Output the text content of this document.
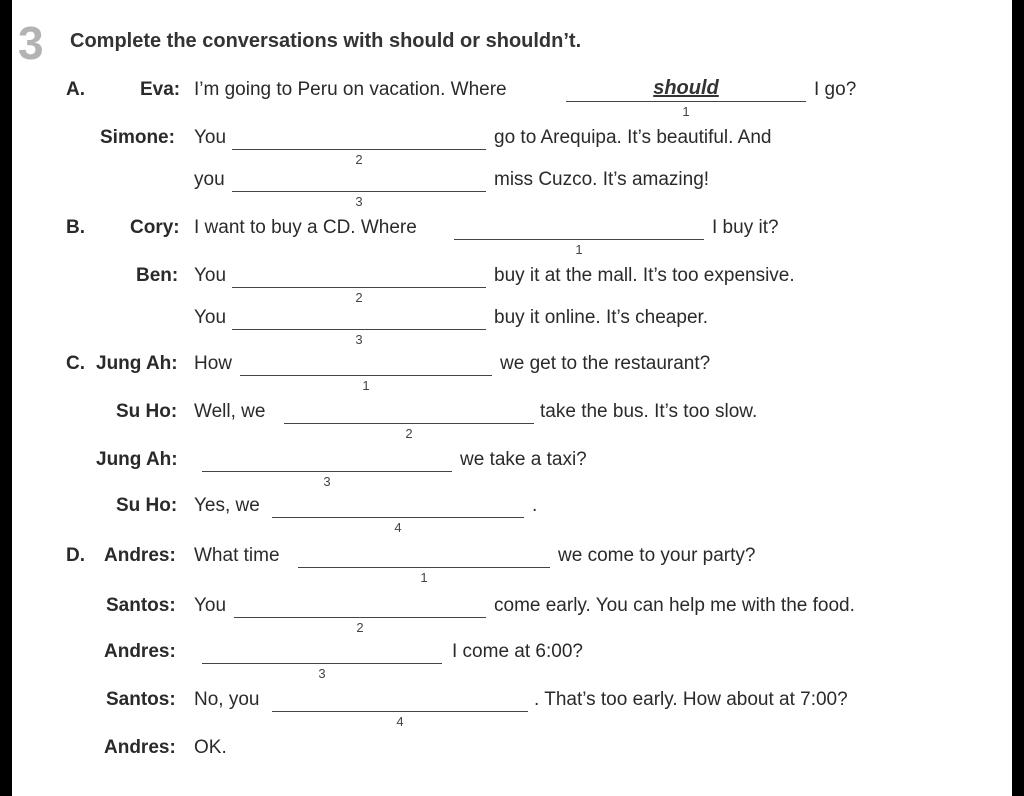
3 Complete the conversations with should or shouldn’t.
A.	Eva: I’m going to Peru on vacation. Where	should
1
I go?
Simone: You
2
go to Arequipa. It’s beautiful. And
you
3
miss Cuzco. It’s amazing!
B. Cory: I want to buy a CD. Where
1
I buy it?
Ben: You
2
buy it at the mall. It’s too expensive.
You
3
buy it online. It’s cheaper.
C. Jung Ah: How
1
we get to the restaurant?
Su Ho: Well, we
2
take the bus. It’s too slow.
Jung Ah:
3
we take a taxi?
Su Ho: Yes, we
4
.
D. Andres: What time
1
we come to your party?
Santos: You
2
come early. You can help me with the food.
Andres:
3
I come at 6:00?
Santos: No, you
4
. That’s too early. How about at 7:00?
Andres: OK.
